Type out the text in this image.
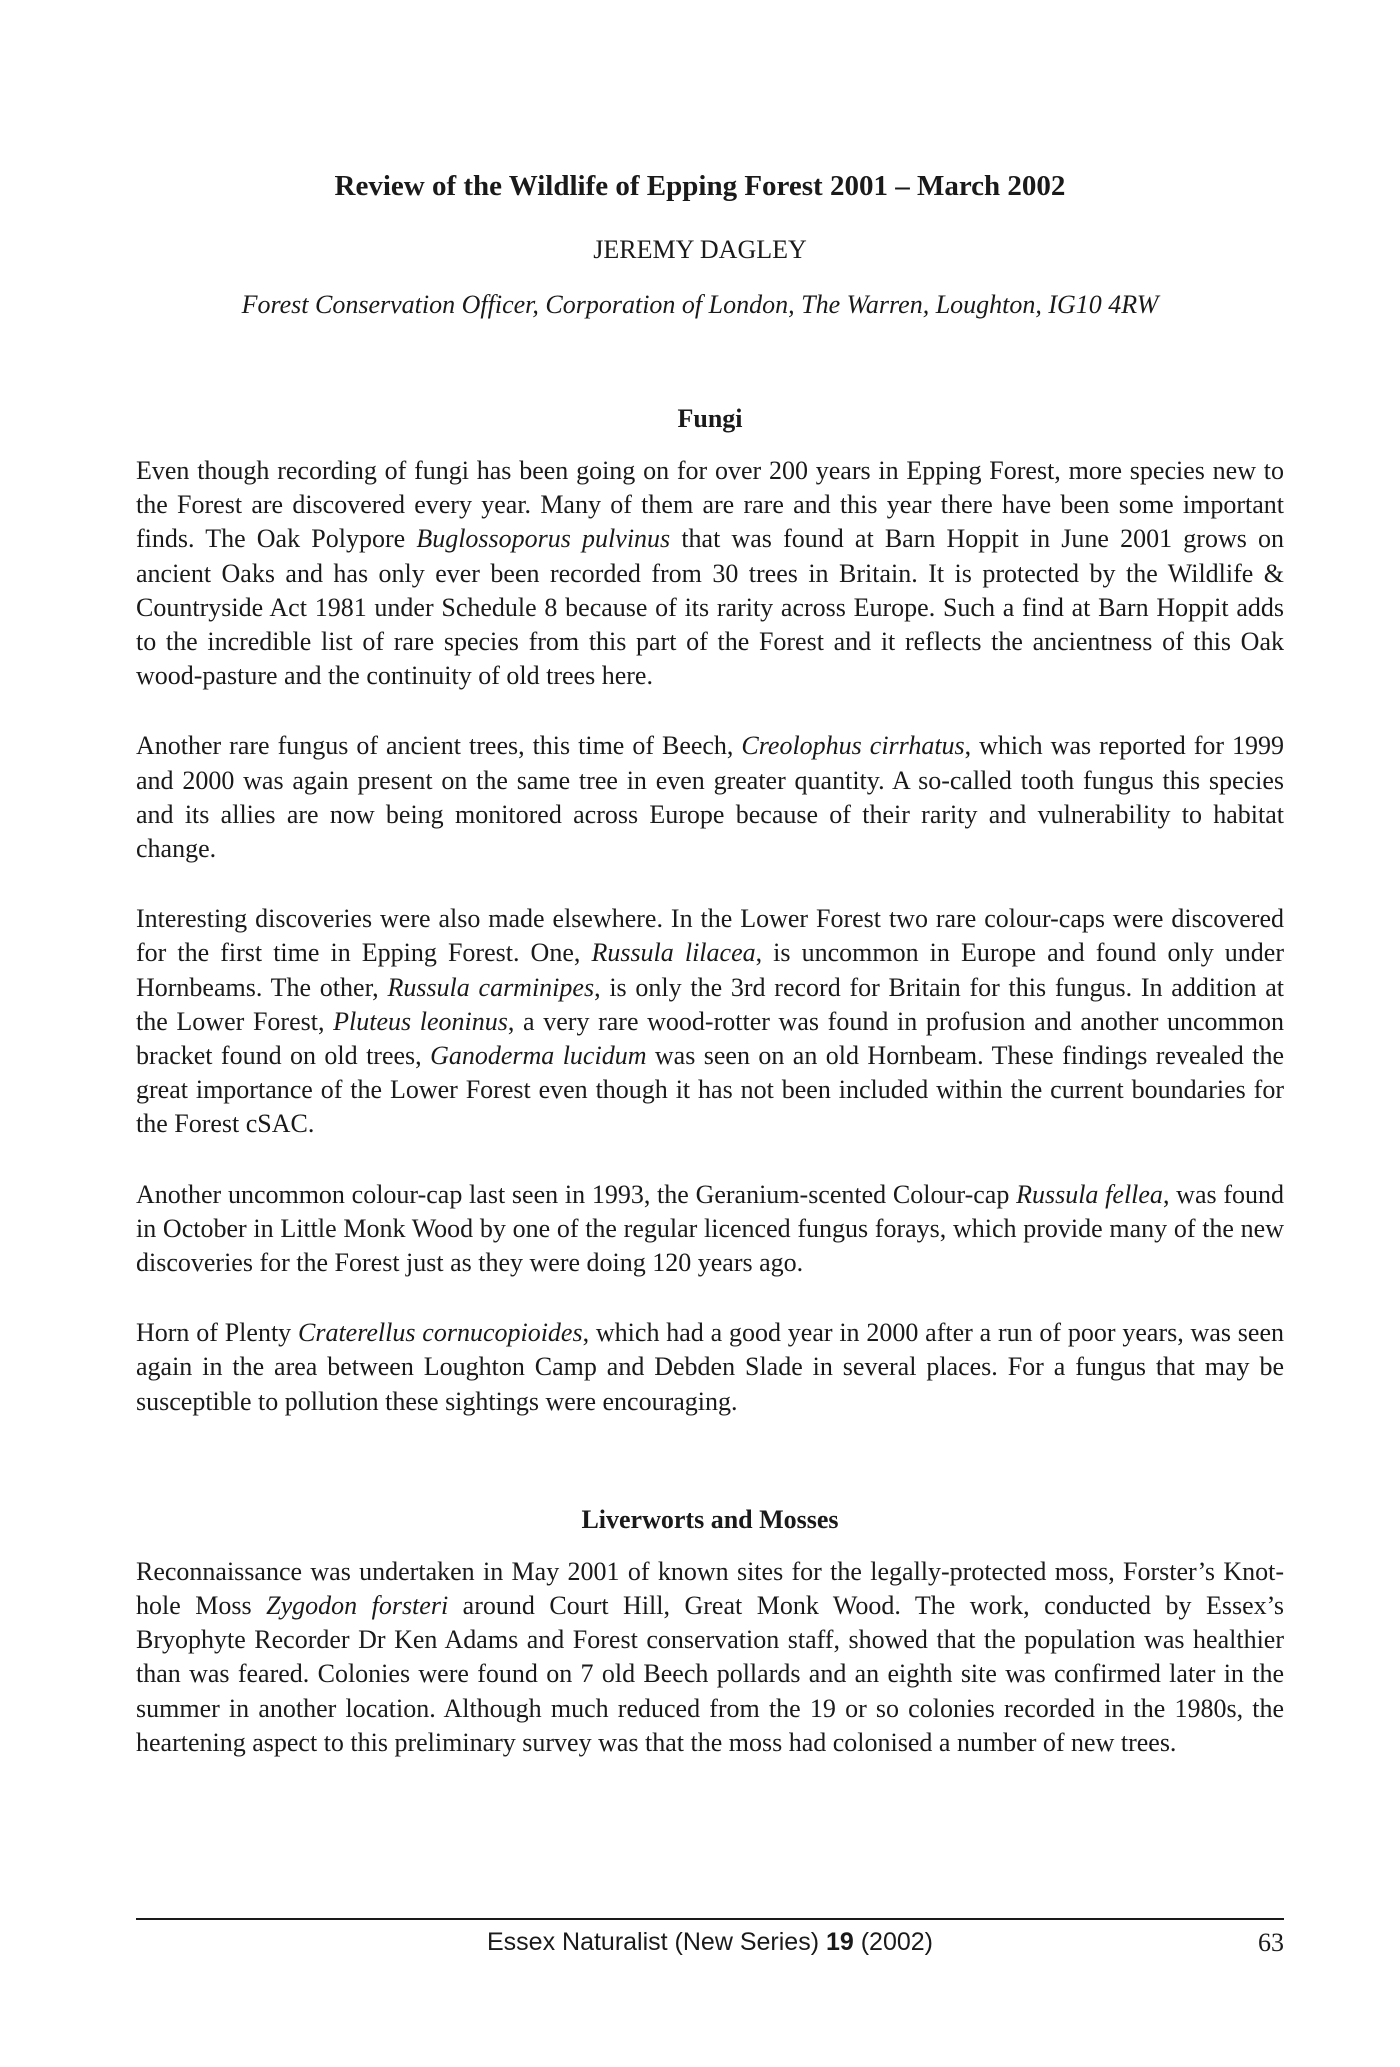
Review of the Wildlife of Epping Forest 2001 – March 2002

JEREMY DAGLEY

Forest Conservation Officer, Corporation of London, The Warren, Loughton, IG10 4RW

Fungi

Even though recording of fungi has been going on for over 200 years in Epping Forest, more species new to the Forest are discovered every year. Many of them are rare and this year there have been some important finds. The Oak Polypore Buglossoporus pulvinus that was found at Barn Hoppit in June 2001 grows on ancient Oaks and has only ever been recorded from 30 trees in Britain. It is protected by the Wildlife & Countryside Act 1981 under Schedule 8 because of its rarity across Europe. Such a find at Barn Hoppit adds to the incredible list of rare species from this part of the Forest and it reflects the ancientness of this Oak wood-pasture and the continuity of old trees here.

Another rare fungus of ancient trees, this time of Beech, Creolophus cirrhatus, which was reported for 1999 and 2000 was again present on the same tree in even greater quantity. A so-called tooth fungus this species and its allies are now being monitored across Europe because of their rarity and vulnerability to habitat change.

Interesting discoveries were also made elsewhere. In the Lower Forest two rare colour-caps were discovered for the first time in Epping Forest. One, Russula lilacea, is uncommon in Europe and found only under Hornbeams. The other, Russula carminipes, is only the 3rd record for Britain for this fungus. In addition at the Lower Forest, Pluteus leoninus, a very rare wood-rotter was found in profusion and another uncommon bracket found on old trees, Ganoderma lucidum was seen on an old Hornbeam. These findings revealed the great importance of the Lower Forest even though it has not been included within the current boundaries for the Forest cSAC.

Another uncommon colour-cap last seen in 1993, the Geranium-scented Colour-cap Russula fellea, was found in October in Little Monk Wood by one of the regular licenced fungus forays, which provide many of the new discoveries for the Forest just as they were doing 120 years ago.

Horn of Plenty Craterellus cornucopioides, which had a good year in 2000 after a run of poor years, was seen again in the area between Loughton Camp and Debden Slade in several places. For a fungus that may be susceptible to pollution these sightings were encouraging.

Liverworts and Mosses

Reconnaissance was undertaken in May 2001 of known sites for the legally-protected moss, Forster’s Knot-hole Moss Zygodon forsteri around Court Hill, Great Monk Wood. The work, conducted by Essex’s Bryophyte Recorder Dr Ken Adams and Forest conservation staff, showed that the population was healthier than was feared. Colonies were found on 7 old Beech pollards and an eighth site was confirmed later in the summer in another location. Although much reduced from the 19 or so colonies recorded in the 1980s, the heartening aspect to this preliminary survey was that the moss had colonised a number of new trees.

Essex Naturalist (New Series) 19 (2002)	63
